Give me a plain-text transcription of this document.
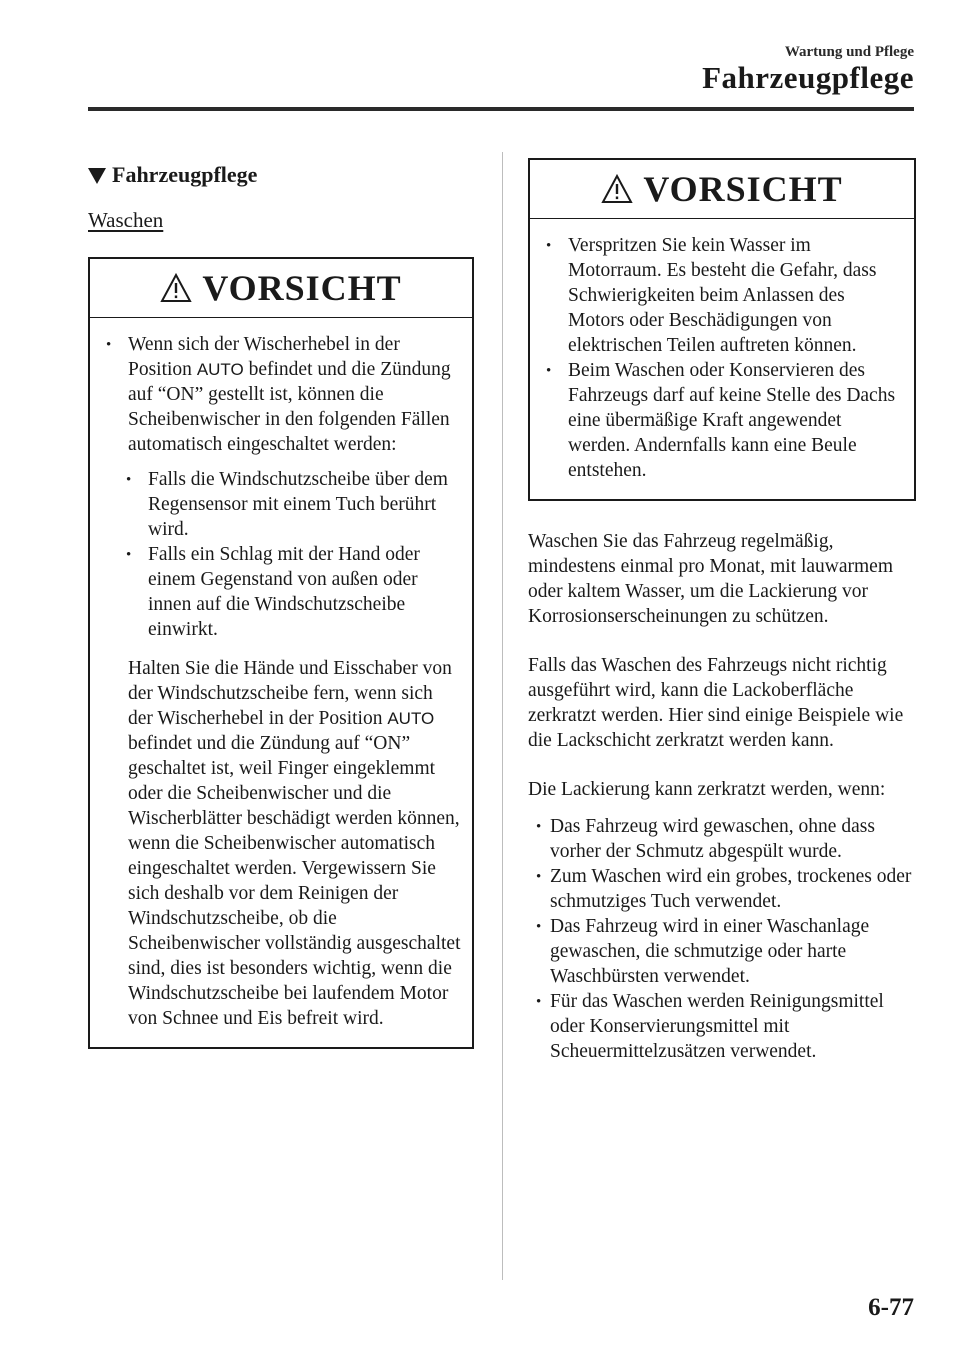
Wartung und Pflege
Fahrzeugpflege
Fahrzeugpflege
Waschen
VORSICHT
• Wenn sich der Wischerhebel in der Position AUTO befindet und die Zündung auf “ON” gestellt ist, können die Scheibenwischer in den folgenden Fällen automatisch eingeschaltet werden:
• Falls die Windschutzscheibe über dem Regensensor mit einem Tuch berührt wird.
• Falls ein Schlag mit der Hand oder einem Gegenstand von außen oder innen auf die Windschutzscheibe einwirkt.
Halten Sie die Hände und Eisschaber von der Windschutzscheibe fern, wenn sich der Wischerhebel in der Position AUTO befindet und die Zündung auf “ON” geschaltet ist, weil Finger eingeklemmt oder die Scheibenwischer und die Wischerblätter beschädigt werden können, wenn die Scheibenwischer automatisch eingeschaltet werden. Vergewissern Sie sich deshalb vor dem Reinigen der Windschutzscheibe, ob die Scheibenwischer vollständig ausgeschaltet sind, dies ist besonders wichtig, wenn die Windschutzscheibe bei laufendem Motor von Schnee und Eis befreit wird.
VORSICHT
• Verspritzen Sie kein Wasser im Motorraum. Es besteht die Gefahr, dass Schwierigkeiten beim Anlassen des Motors oder Beschädigungen von elektrischen Teilen auftreten können.
• Beim Waschen oder Konservieren des Fahrzeugs darf auf keine Stelle des Dachs eine übermäßige Kraft angewendet werden. Andernfalls kann eine Beule entstehen.
Waschen Sie das Fahrzeug regelmäßig, mindestens einmal pro Monat, mit lauwarmem oder kaltem Wasser, um die Lackierung vor Korrosionserscheinungen zu schützen.
Falls das Waschen des Fahrzeugs nicht richtig ausgeführt wird, kann die Lackoberfläche zerkratzt werden. Hier sind einige Beispiele wie die Lackschicht zerkratzt werden kann.
Die Lackierung kann zerkratzt werden, wenn:
• Das Fahrzeug wird gewaschen, ohne dass vorher der Schmutz abgespült wurde.
• Zum Waschen wird ein grobes, trockenes oder schmutziges Tuch verwendet.
• Das Fahrzeug wird in einer Waschanlage gewaschen, die schmutzige oder harte Waschbürsten verwendet.
• Für das Waschen werden Reinigungsmittel oder Konservierungsmittel mit Scheuermittelzusätzen verwendet.
6-77
